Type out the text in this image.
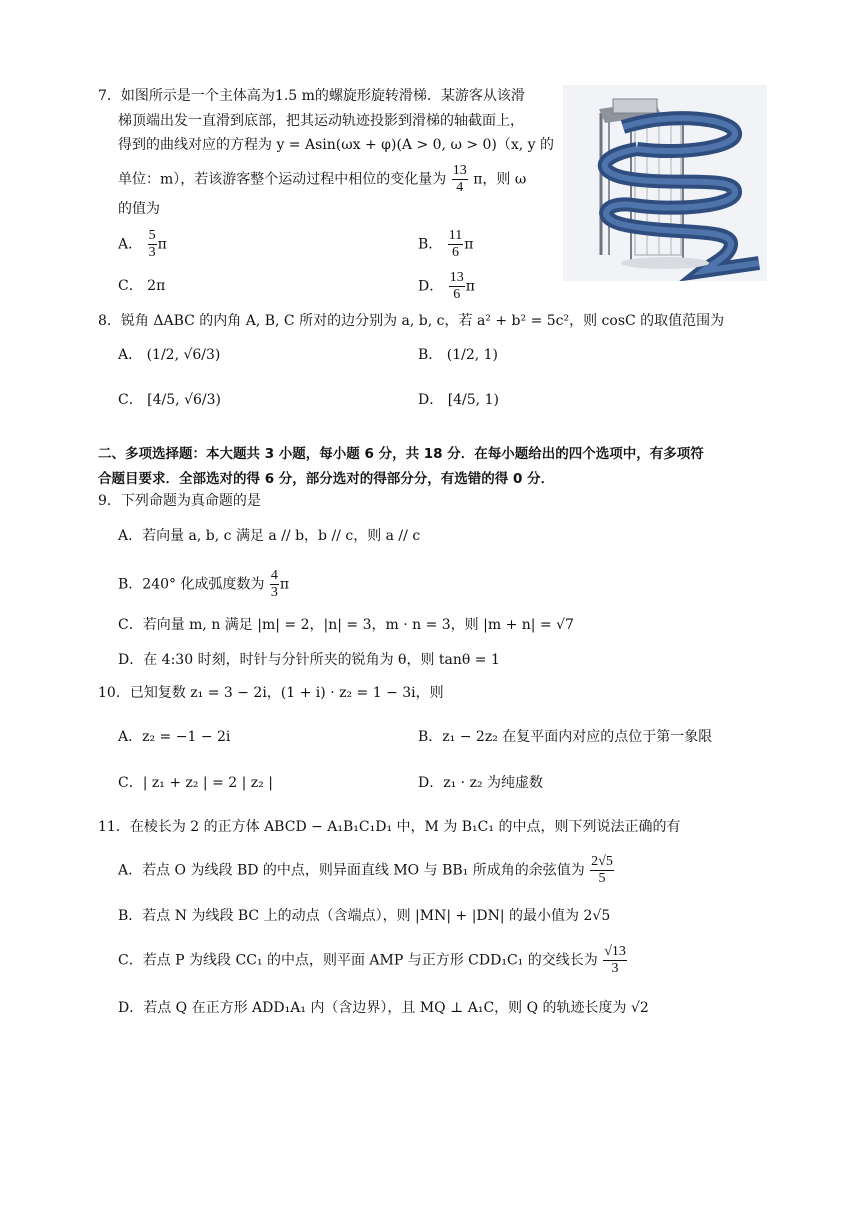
7．如图所示是一个主体高为1.5 m的螺旋形旋转滑梯．某游客从该滑
梯顶端出发一直滑到底部，把其运动轨迹投影到滑梯的轴截面上，
得到的曲线对应的方程为 y = Asin(ωx + φ)(A > 0, ω > 0)（x, y 的
单位：m），若该游客整个运动过程中相位的变化量为 $\frac{13}{4}$ π，则 ω
的值为
A． $\frac{5}{3}$ π	B． $\frac{11}{6}$ π
C． 2π	D． $\frac{13}{6}$ π
8．锐角 ΔABC 的内角 A, B, C 所对的边分别为 a, b, c，若 a² + b² = 5c²，则 cosC 的取值范围为
A． (1/2, √6/3)	B． (1/2, 1)
C． [4/5, √6/3)	D． [4/5, 1)
二、多项选择题：本大题共 3 小题，每小题 6 分，共 18 分．在每小题给出的四个选项中，有多项符
合题目要求．全部选对的得 6 分，部分选对的得部分分，有选错的得 0 分．
9．下列命题为真命题的是
A．若向量 a, b, c 满足 a // b，b // c，则 a // c
B．240° 化成弧度数为 $\frac{4}{3}$ π
C．若向量 m, n 满足 |m| = 2，|n| = 3，m · n = 3，则 |m + n| = √7
D．在 4:30 时刻，时针与分针所夹的锐角为 θ，则 tanθ = 1
10．已知复数 z₁ = 3 − 2i，(1 + i) · z₂ = 1 − 3i，则
A．z₂ = −1 − 2i	B．z₁ − 2z₂ 在复平面内对应的点位于第一象限
C．| z₁ + z₂ | = 2 | z₂ |	D．z₁ · z₂ 为纯虚数
11．在棱长为 2 的正方体 ABCD − A₁B₁C₁D₁ 中，M 为 B₁C₁ 的中点，则下列说法正确的有
A．若点 O 为线段 BD 的中点，则异面直线 MO 与 BB₁ 所成角的余弦值为 $\frac{2√5}{5}$
B．若点 N 为线段 BC 上的动点（含端点），则 |MN| + |DN| 的最小值为 2√5
C．若点 P 为线段 CC₁ 的中点，则平面 AMP 与正方形 CDD₁C₁ 的交线长为 $\frac{√13}{3}$
D．若点 Q 在正方形 ADD₁A₁ 内（含边界），且 MQ ⊥ A₁C，则 Q 的轨迹长度为 √2
